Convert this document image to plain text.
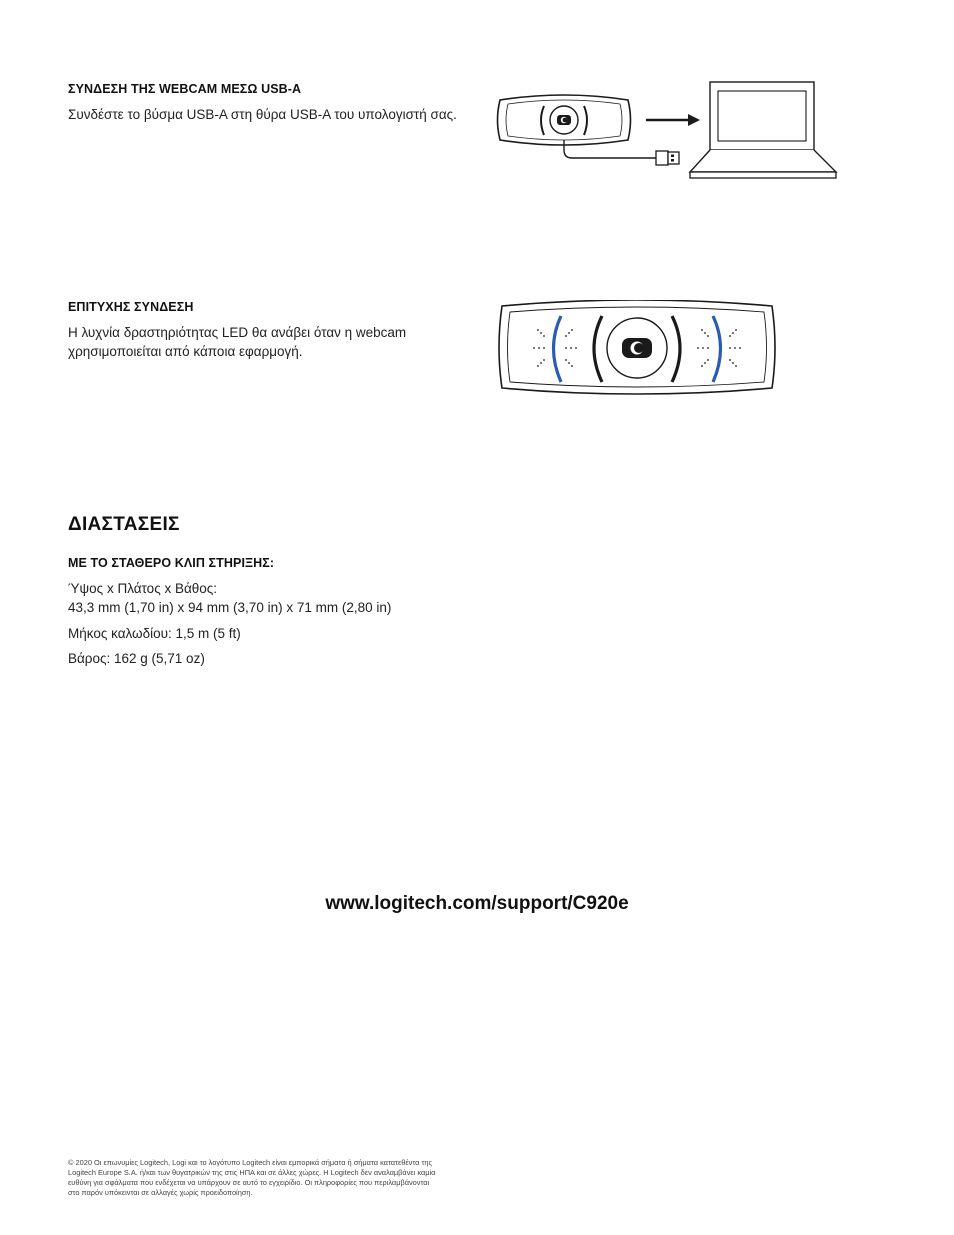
ΣΥΝΔΕΣΗ ΤΗΣ WEBCAM ΜΕΣΩ USB-A
Συνδέστε το βύσμα USB-A στη θύρα USB-A του υπολογιστή σας.
ΕΠΙΤΥΧΗΣ ΣΥΝΔΕΣΗ
Η λυχνία δραστηριότητας LED θα ανάβει όταν η webcam
χρησιμοποιείται από κάποια εφαρμογή.
ΔΙΑΣΤΑΣΕΙΣ
ΜΕ ΤΟ ΣΤΑΘΕΡΟ ΚΛΙΠ ΣΤΗΡΙΞΗΣ:
Ύψος x Πλάτος x Βάθος:
43,3 mm (1,70 in) x 94 mm (3,70 in) x 71 mm (2,80 in)
Μήκος καλωδίου: 1,5 m (5 ft)
Βάρος: 162 g (5,71 oz)
www.logitech.com/support/C920e
© 2020 Οι επωνυμίες Logitech, Logi και το λογότυπο Logitech είναι εμπορικά σήματα ή σήματα κατατεθέντα της
Logitech Europe S.A. ή/και των θυγατρικών της στις ΗΠΑ και σε άλλες χώρες. Η Logitech δεν αναλαμβάνει καμία
ευθύνη για σφάλματα που ενδέχεται να υπάρχουν σε αυτό το εγχειρίδιο. Οι πληροφορίες που περιλαμβάνονται
στο παρόν υπόκεινται σε αλλαγές χωρίς προειδοποίηση.
